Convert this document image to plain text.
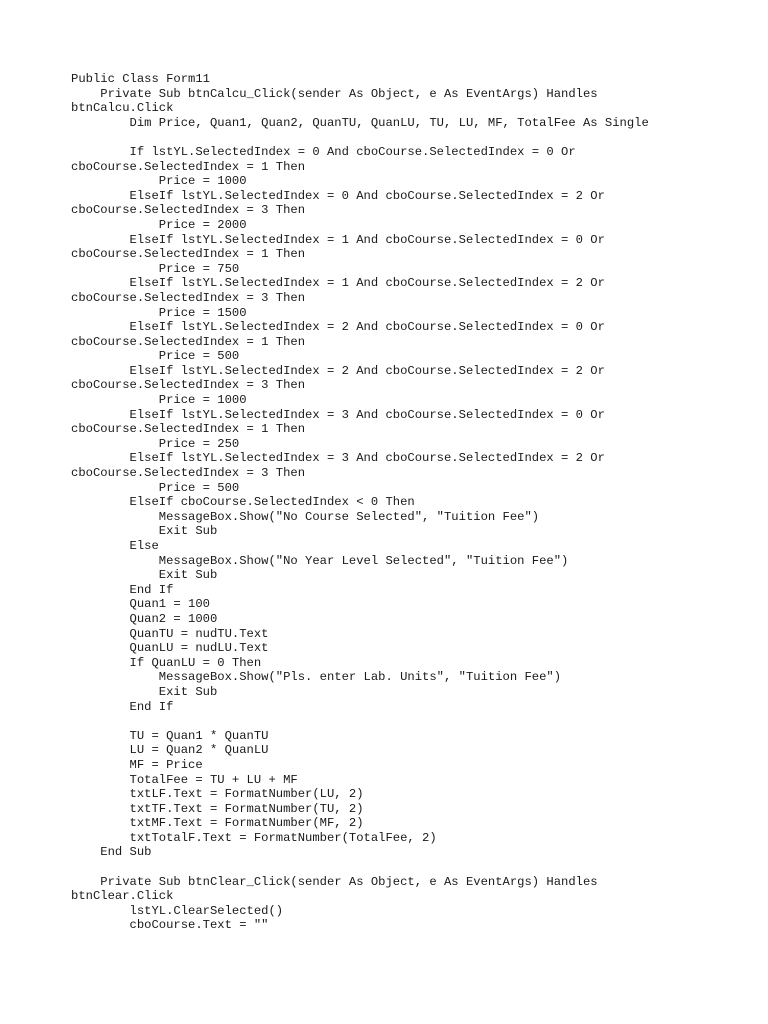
Public Class Form11
Private Sub btnCalcu_Click(sender As Object, e As EventArgs) Handles
btnCalcu.Click
Dim Price, Quan1, Quan2, QuanTU, QuanLU, TU, LU, MF, TotalFee As Single
If lstYL.SelectedIndex = 0 And cboCourse.SelectedIndex = 0 Or
cboCourse.SelectedIndex = 1 Then
Price = 1000
ElseIf lstYL.SelectedIndex = 0 And cboCourse.SelectedIndex = 2 Or
cboCourse.SelectedIndex = 3 Then
Price = 2000
ElseIf lstYL.SelectedIndex = 1 And cboCourse.SelectedIndex = 0 Or
cboCourse.SelectedIndex = 1 Then
Price = 750
ElseIf lstYL.SelectedIndex = 1 And cboCourse.SelectedIndex = 2 Or
cboCourse.SelectedIndex = 3 Then
Price = 1500
ElseIf lstYL.SelectedIndex = 2 And cboCourse.SelectedIndex = 0 Or
cboCourse.SelectedIndex = 1 Then
Price = 500
ElseIf lstYL.SelectedIndex = 2 And cboCourse.SelectedIndex = 2 Or
cboCourse.SelectedIndex = 3 Then
Price = 1000
ElseIf lstYL.SelectedIndex = 3 And cboCourse.SelectedIndex = 0 Or
cboCourse.SelectedIndex = 1 Then
Price = 250
ElseIf lstYL.SelectedIndex = 3 And cboCourse.SelectedIndex = 2 Or
cboCourse.SelectedIndex = 3 Then
Price = 500
ElseIf cboCourse.SelectedIndex < 0 Then
MessageBox.Show("No Course Selected", "Tuition Fee")
Exit Sub
Else
MessageBox.Show("No Year Level Selected", "Tuition Fee")
Exit Sub
End If
Quan1 = 100
Quan2 = 1000
QuanTU = nudTU.Text
QuanLU = nudLU.Text
If QuanLU = 0 Then
MessageBox.Show("Pls. enter Lab. Units", "Tuition Fee")
Exit Sub
End If
TU = Quan1 * QuanTU
LU = Quan2 * QuanLU
MF = Price
TotalFee = TU + LU + MF
txtLF.Text = FormatNumber(LU, 2)
txtTF.Text = FormatNumber(TU, 2)
txtMF.Text = FormatNumber(MF, 2)
txtTotalF.Text = FormatNumber(TotalFee, 2)
End Sub
Private Sub btnClear_Click(sender As Object, e As EventArgs) Handles
btnClear.Click
lstYL.ClearSelected()
cboCourse.Text = ""
